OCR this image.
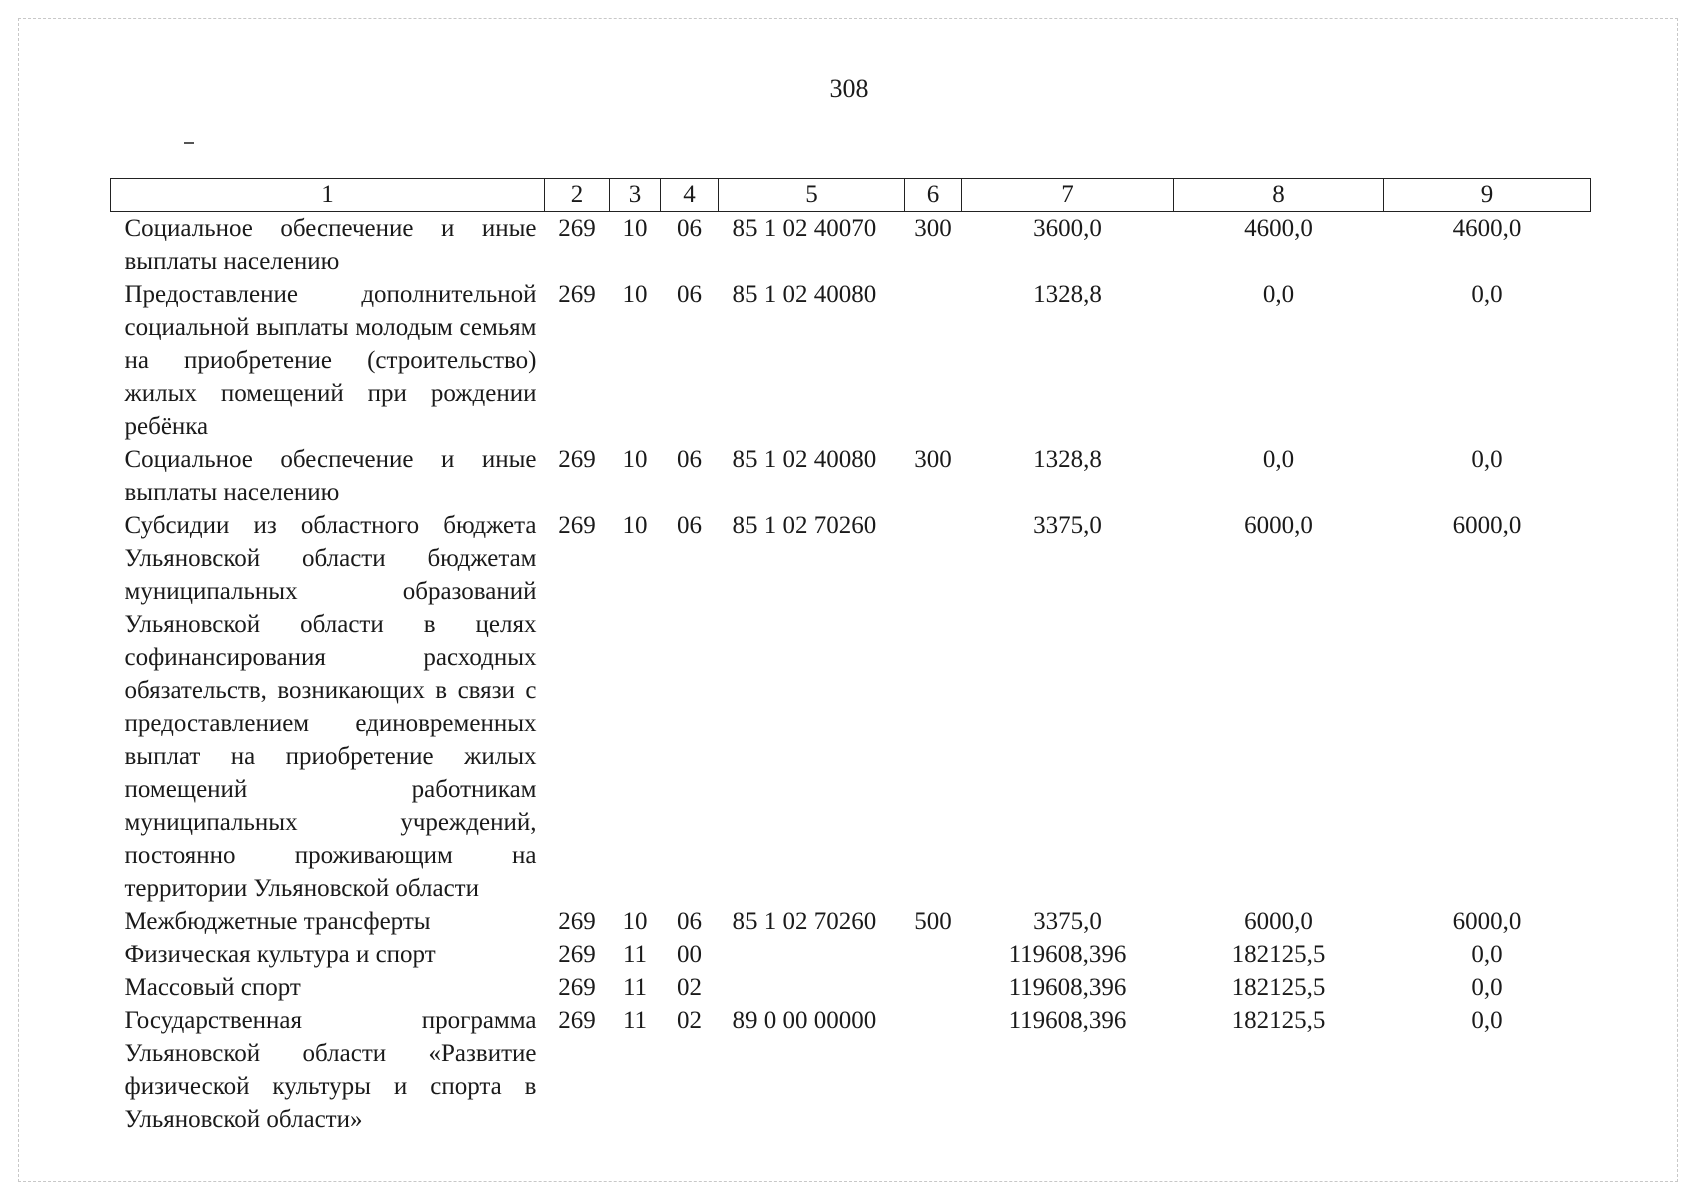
308
1	2	3	4	5	6	7	8	9
Социальное обеспечение и иные выплаты населению	269	10	06	85 1 02 40070	300	3600,0	4600,0	4600,0
Предоставление дополнительной социальной выплаты молодым семьям на приобретение (строительство) жилых помещений при рождении ребёнка	269	10	06	85 1 02 40080		1328,8	0,0	0,0
Социальное обеспечение и иные выплаты населению	269	10	06	85 1 02 40080	300	1328,8	0,0	0,0
Субсидии из областного бюджета Ульяновской области бюджетам муниципальных образований Ульяновской области в целях софинансирования расходных обязательств, возникающих в связи с предоставлением единовременных выплат на приобретение жилых помещений работникам муниципальных учреждений, постоянно проживающим на территории Ульяновской области	269	10	06	85 1 02 70260		3375,0	6000,0	6000,0
Межбюджетные трансферты	269	10	06	85 1 02 70260	500	3375,0	6000,0	6000,0
Физическая культура и спорт	269	11	00			119608,396	182125,5	0,0
Массовый спорт	269	11	02			119608,396	182125,5	0,0
Государственная программа Ульяновской области «Развитие физической культуры и спорта в Ульяновской области»	269	11	02	89 0 00 00000		119608,396	182125,5	0,0
